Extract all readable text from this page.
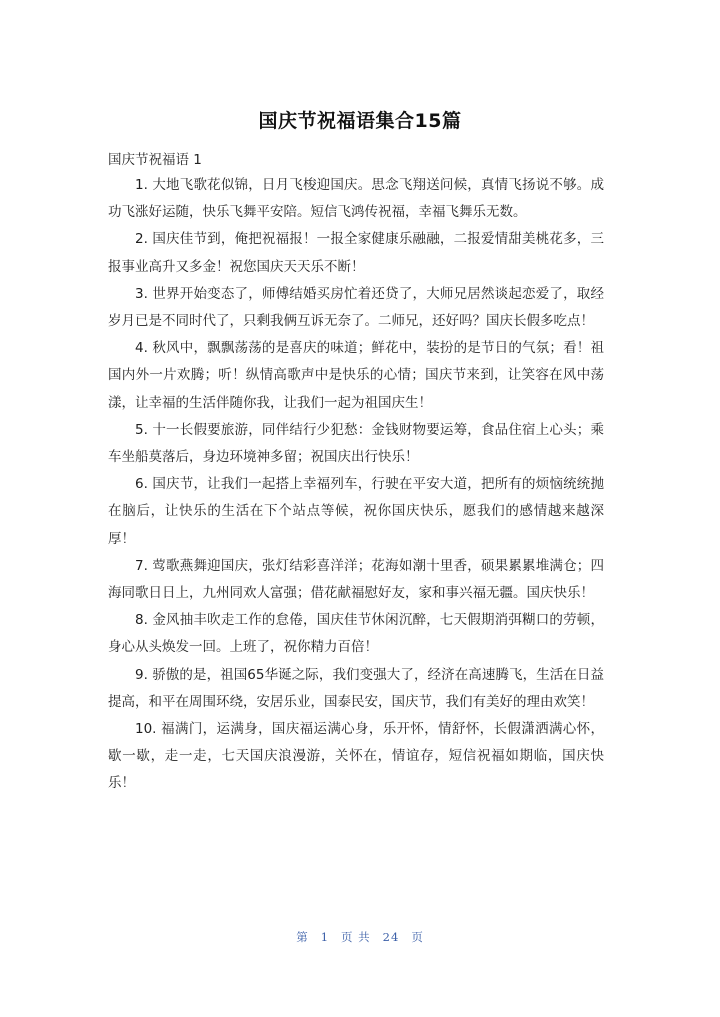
国庆节祝福语集合15篇
国庆节祝福语 1

1. 大地飞歌花似锦，日月飞梭迎国庆。思念飞翔送问候，真情飞扬说不够。成功飞涨好运随，快乐飞舞平安陪。短信飞鸿传祝福，幸福飞舞乐无数。

2. 国庆佳节到，俺把祝福报！一报全家健康乐融融，二报爱情甜美桃花多，三报事业高升又多金！祝您国庆天天乐不断！

3. 世界开始变态了，师傅结婚买房忙着还贷了，大师兄居然谈起恋爱了，取经岁月已是不同时代了，只剩我俩互诉无奈了。二师兄，还好吗？国庆长假多吃点！

4. 秋风中，飘飘荡荡的是喜庆的味道；鲜花中，装扮的是节日的气氛；看！祖国内外一片欢腾；听！纵情高歌声中是快乐的心情；国庆节来到，让笑容在风中荡漾，让幸福的生活伴随你我，让我们一起为祖国庆生！

5. 十一长假要旅游，同伴结行少犯愁：金钱财物要运筹，食品住宿上心头；乘车坐船莫落后，身边环境神多留；祝国庆出行快乐！

6. 国庆节，让我们一起搭上幸福列车，行驶在平安大道，把所有的烦恼统统抛在脑后，让快乐的生活在下个站点等候，祝你国庆快乐，愿我们的感情越来越深厚！

7. 莺歌燕舞迎国庆，张灯结彩喜洋洋；花海如潮十里香，硕果累累堆满仓；四海同歌日日上，九州同欢人富强；借花献福慰好友，家和事兴福无疆。国庆快乐！

8. 金风抽丰吹走工作的怠倦，国庆佳节休闲沉醉，七天假期消弭糊口的劳顿，身心从头焕发一回。上班了，祝你精力百倍！

9. 骄傲的是，祖国65华诞之际，我们变强大了，经济在高速腾飞，生活在日益提高，和平在周围环绕，安居乐业，国泰民安，国庆节，我们有美好的理由欢笑！

10. 福满门，运满身，国庆福运满心身，乐开怀，情舒怀，长假潇洒满心怀，歇一歇，走一走，七天国庆浪漫游，关怀在，情谊存，短信祝福如期临，国庆快乐！

第 1 页 共 24 页
